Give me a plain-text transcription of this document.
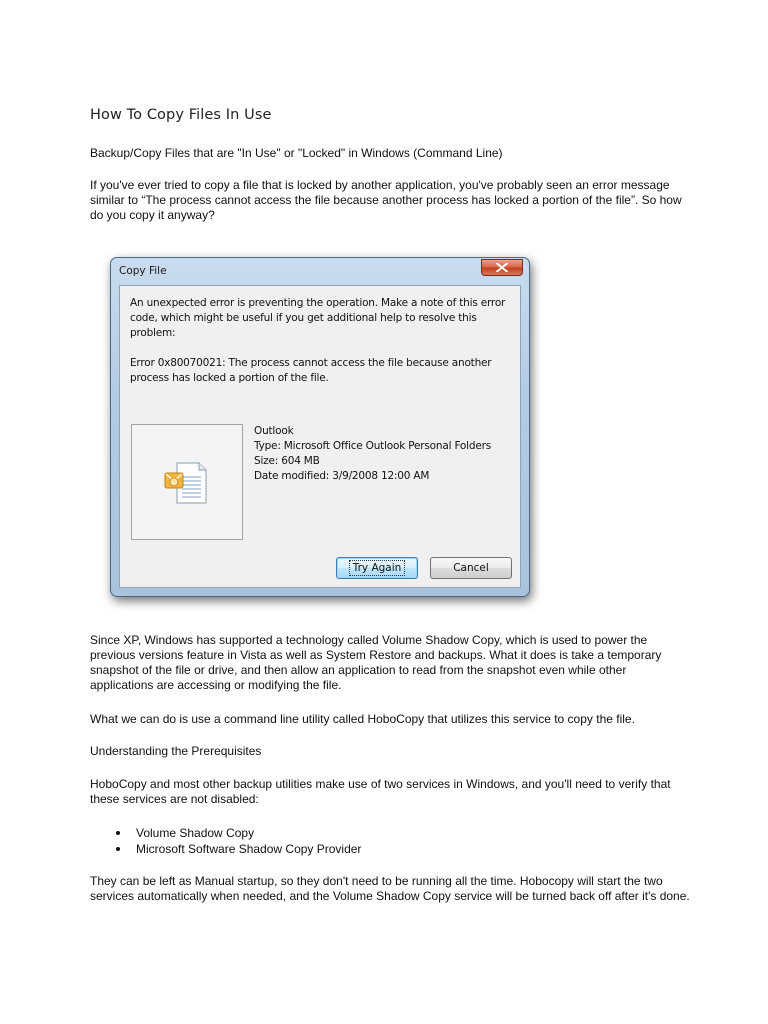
How To Copy Files In Use

Backup/Copy Files that are "In Use" or "Locked" in Windows (Command Line)

If you've ever tried to copy a file that is locked by another application, you've probably seen an error message similar to “The process cannot access the file because another process has locked a portion of the file”. So how do you copy it anyway?

Copy File

An unexpected error is preventing the operation. Make a note of this error code, which might be useful if you get additional help to resolve this problem:

Error 0x80070021: The process cannot access the file because another process has locked a portion of the file.

Outlook
Type: Microsoft Office Outlook Personal Folders
Size: 604 MB
Date modified: 3/9/2008 12:00 AM
Try Again	Cancel

Since XP, Windows has supported a technology called Volume Shadow Copy, which is used to power the previous versions feature in Vista as well as System Restore and backups. What it does is take a temporary snapshot of the file or drive, and then allow an application to read from the snapshot even while other applications are accessing or modifying the file.

What we can do is use a command line utility called HoboCopy that utilizes this service to copy the file.

Understanding the Prerequisites

HoboCopy and most other backup utilities make use of two services in Windows, and you'll need to verify that these services are not disabled:

Volume Shadow Copy
Microsoft Software Shadow Copy Provider

They can be left as Manual startup, so they don't need to be running all the time. Hobocopy will start the two services automatically when needed, and the Volume Shadow Copy service will be turned back off after it's done.
